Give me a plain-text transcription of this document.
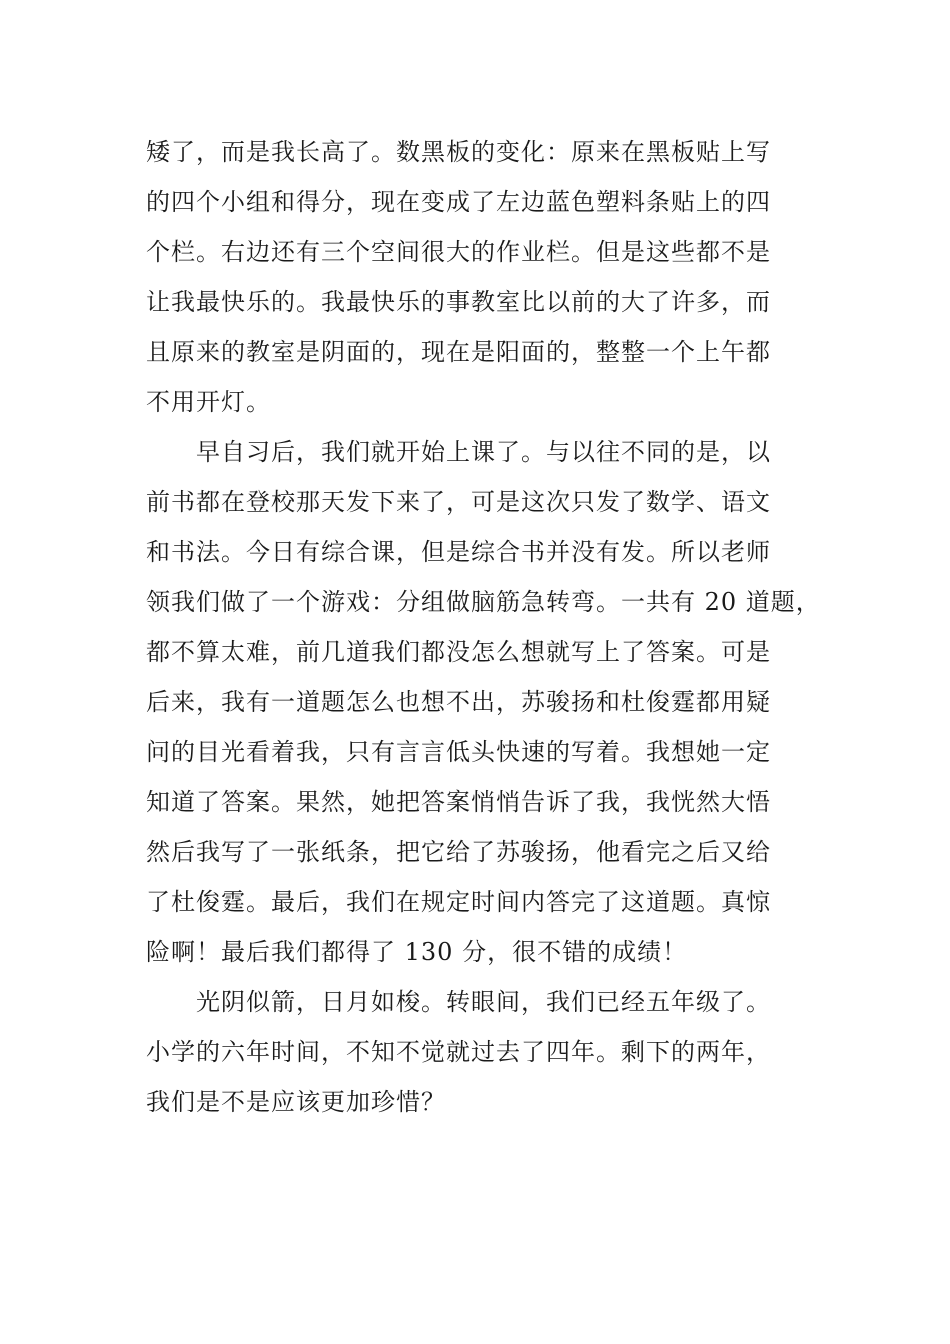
矮了，而是我长高了。数黑板的变化：原来在黑板贴上写
的四个小组和得分，现在变成了左边蓝色塑料条贴上的四
个栏。右边还有三个空间很大的作业栏。但是这些都不是
让我最快乐的。我最快乐的事教室比以前的大了许多，而
且原来的教室是阴面的，现在是阳面的，整整一个上午都
不用开灯。
早自习后，我们就开始上课了。与以往不同的是，以
前书都在登校那天发下来了，可是这次只发了数学、语文
和书法。今日有综合课，但是综合书并没有发。所以老师
领我们做了一个游戏：分组做脑筋急转弯。一共有 20 道题，
都不算太难，前几道我们都没怎么想就写上了答案。可是
后来，我有一道题怎么也想不出，苏骏扬和杜俊霆都用疑
问的目光看着我，只有言言低头快速的写着。我想她一定
知道了答案。果然，她把答案悄悄告诉了我，我恍然大悟
然后我写了一张纸条，把它给了苏骏扬，他看完之后又给
了杜俊霆。最后，我们在规定时间内答完了这道题。真惊
险啊！最后我们都得了 130 分，很不错的成绩！
光阴似箭，日月如梭。转眼间，我们已经五年级了。
小学的六年时间，不知不觉就过去了四年。剩下的两年，
我们是不是应该更加珍惜？
